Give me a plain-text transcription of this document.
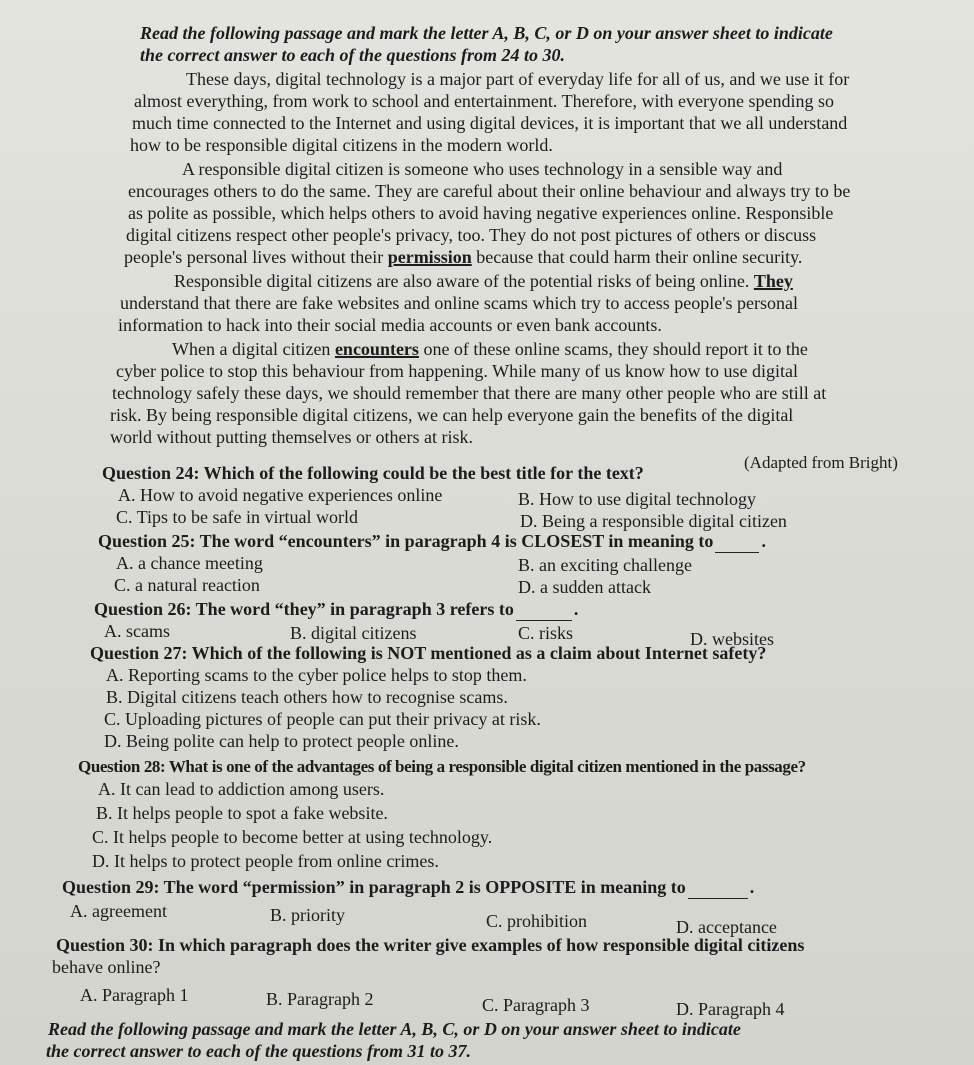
Read the following passage and mark the letter A, B, C, or D on your answer sheet to indicate
the correct answer to each of the questions from 24 to 30.
These days, digital technology is a major part of everyday life for all of us, and we use it for
almost everything, from work to school and entertainment. Therefore, with everyone spending so
much time connected to the Internet and using digital devices, it is important that we all understand
how to be responsible digital citizens in the modern world.
A responsible digital citizen is someone who uses technology in a sensible way and
encourages others to do the same. They are careful about their online behaviour and always try to be
as polite as possible, which helps others to avoid having negative experiences online. Responsible
digital citizens respect other people's privacy, too. They do not post pictures of others or discuss
people's personal lives without their permission because that could harm their online security.
Responsible digital citizens are also aware of the potential risks of being online. They
understand that there are fake websites and online scams which try to access people's personal
information to hack into their social media accounts or even bank accounts.
When a digital citizen encounters one of these online scams, they should report it to the
cyber police to stop this behaviour from happening. While many of us know how to use digital
technology safely these days, we should remember that there are many other people who are still at
risk. By being responsible digital citizens, we can help everyone gain the benefits of the digital
world without putting themselves or others at risk.
(Adapted from Bright)
Question 24: Which of the following could be the best title for the text?
A. How to avoid negative experiences online	B. How to use digital technology
C. Tips to be safe in virtual world	D. Being a responsible digital citizen
Question 25: The word “encounters” in paragraph 4 is CLOSEST in meaning to	.
A. a chance meeting	B. an exciting challenge
C. a natural reaction	D. a sudden attack
Question 26: The word “they” in paragraph 3 refers to	.
A. scams	B. digital citizens	C. risks	D. websites
Question 27: Which of the following is NOT mentioned as a claim about Internet safety?
A. Reporting scams to the cyber police helps to stop them.
B. Digital citizens teach others how to recognise scams.
C. Uploading pictures of people can put their privacy at risk.
D. Being polite can help to protect people online.
Question 28: What is one of the advantages of being a responsible digital citizen mentioned in the passage?
A. It can lead to addiction among users.
B. It helps people to spot a fake website.
C. It helps people to become better at using technology.
D. It helps to protect people from online crimes.
Question 29: The word “permission” in paragraph 2 is OPPOSITE in meaning to	.
A. agreement	B. priority	C. prohibition	D. acceptance
Question 30: In which paragraph does the writer give examples of how responsible digital citizens
behave online?
A. Paragraph 1	B. Paragraph 2	C. Paragraph 3	D. Paragraph 4
Read the following passage and mark the letter A, B, C, or D on your answer sheet to indicate
the correct answer to each of the questions from 31 to 37.
